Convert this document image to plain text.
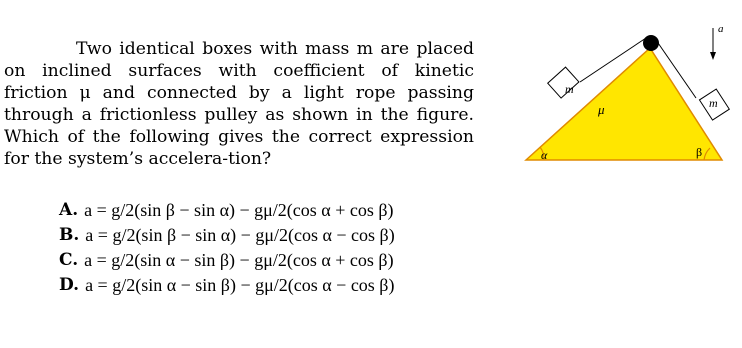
Two identical boxes with mass m are placed on inclined surfaces with coefficient of kinetic friction μ and connected by a light rope passing through a frictionless pulley as shown in the figure. Which of the following gives the correct expression for the system’s accelera-tion?

A. a = g/2(sin β − sin α) − gμ/2(cos α + cos β)
B. a = g/2(sin β − sin α) − gμ/2(cos α − cos β)
C. a = g/2(sin α − sin β) − gμ/2(cos α + cos β)
D. a = g/2(sin α − sin β) − gμ/2(cos α − cos β)
m
m
μ
α	β
a⃗
